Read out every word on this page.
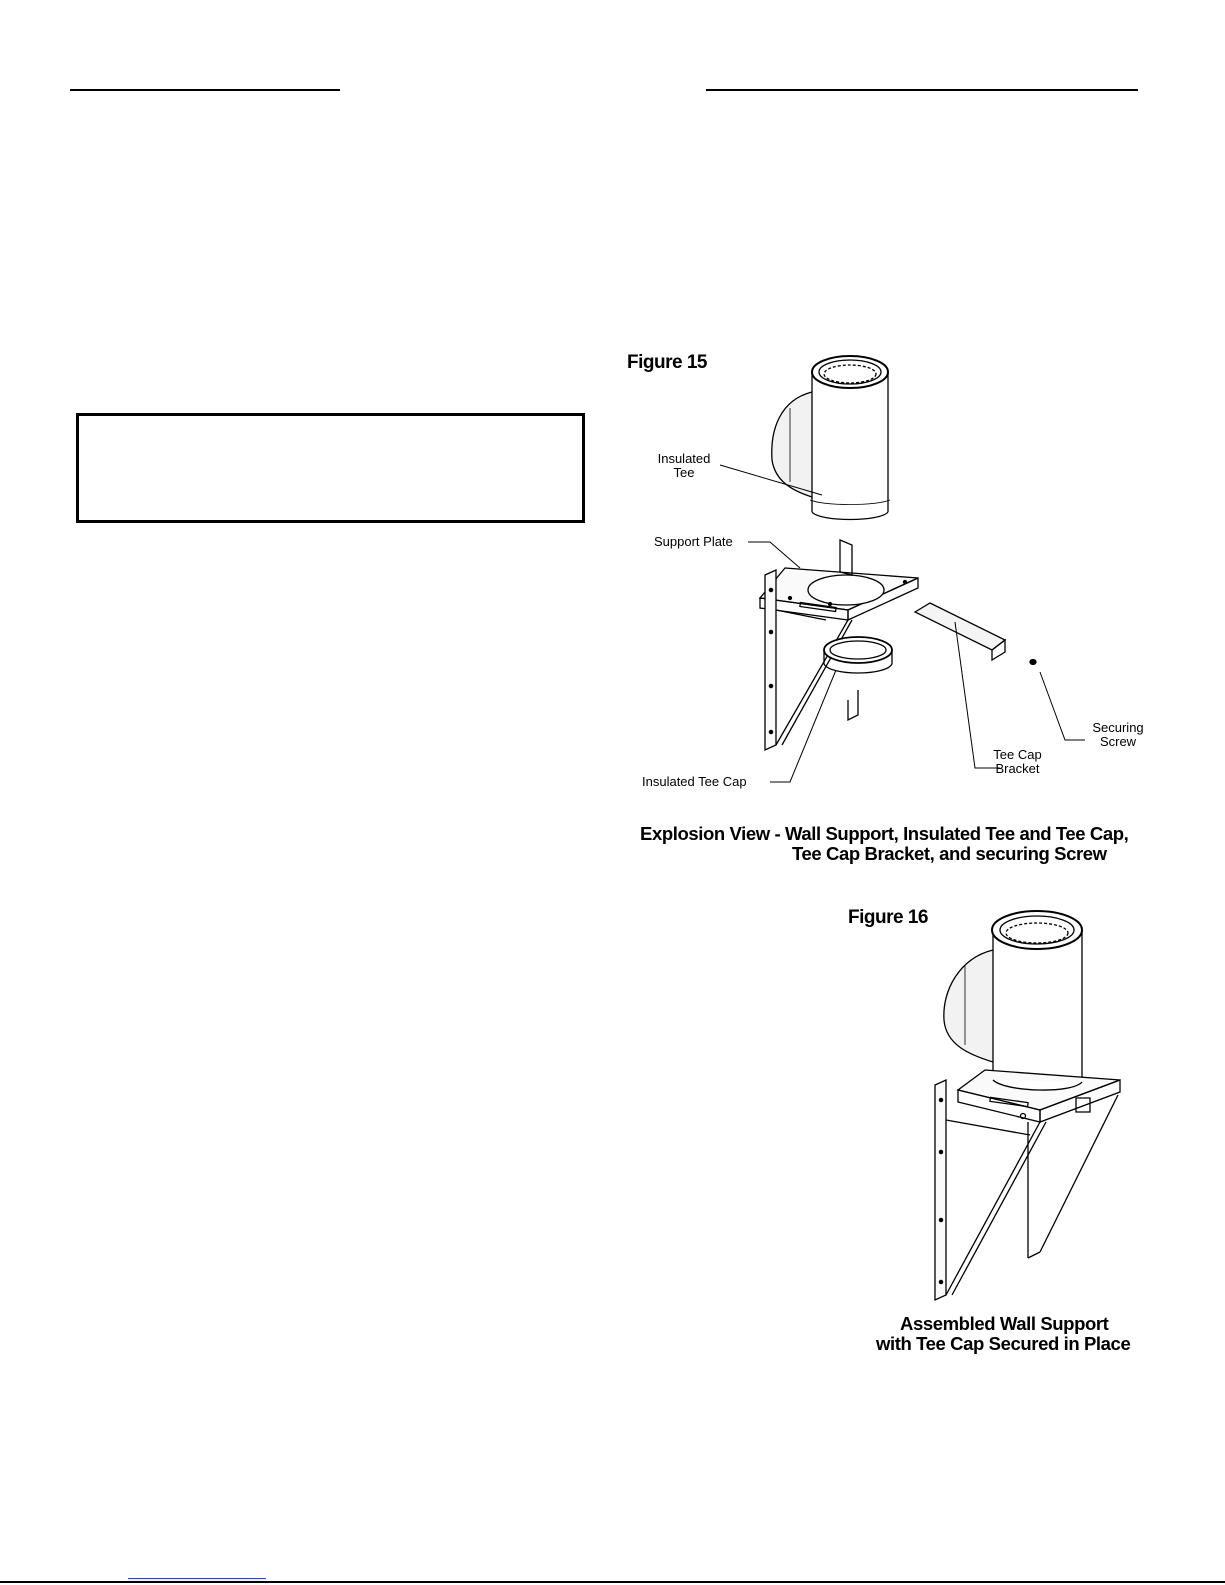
Figure 15
Insulated
Tee
Support Plate
Insulated Tee Cap
Tee Cap
Bracket
Securing
Screw
Explosion View - Wall Support, Insulated Tee and Tee Cap,
Tee Cap Bracket, and securing Screw
Figure 16
Assembled Wall Support
with Tee Cap Secured in Place
